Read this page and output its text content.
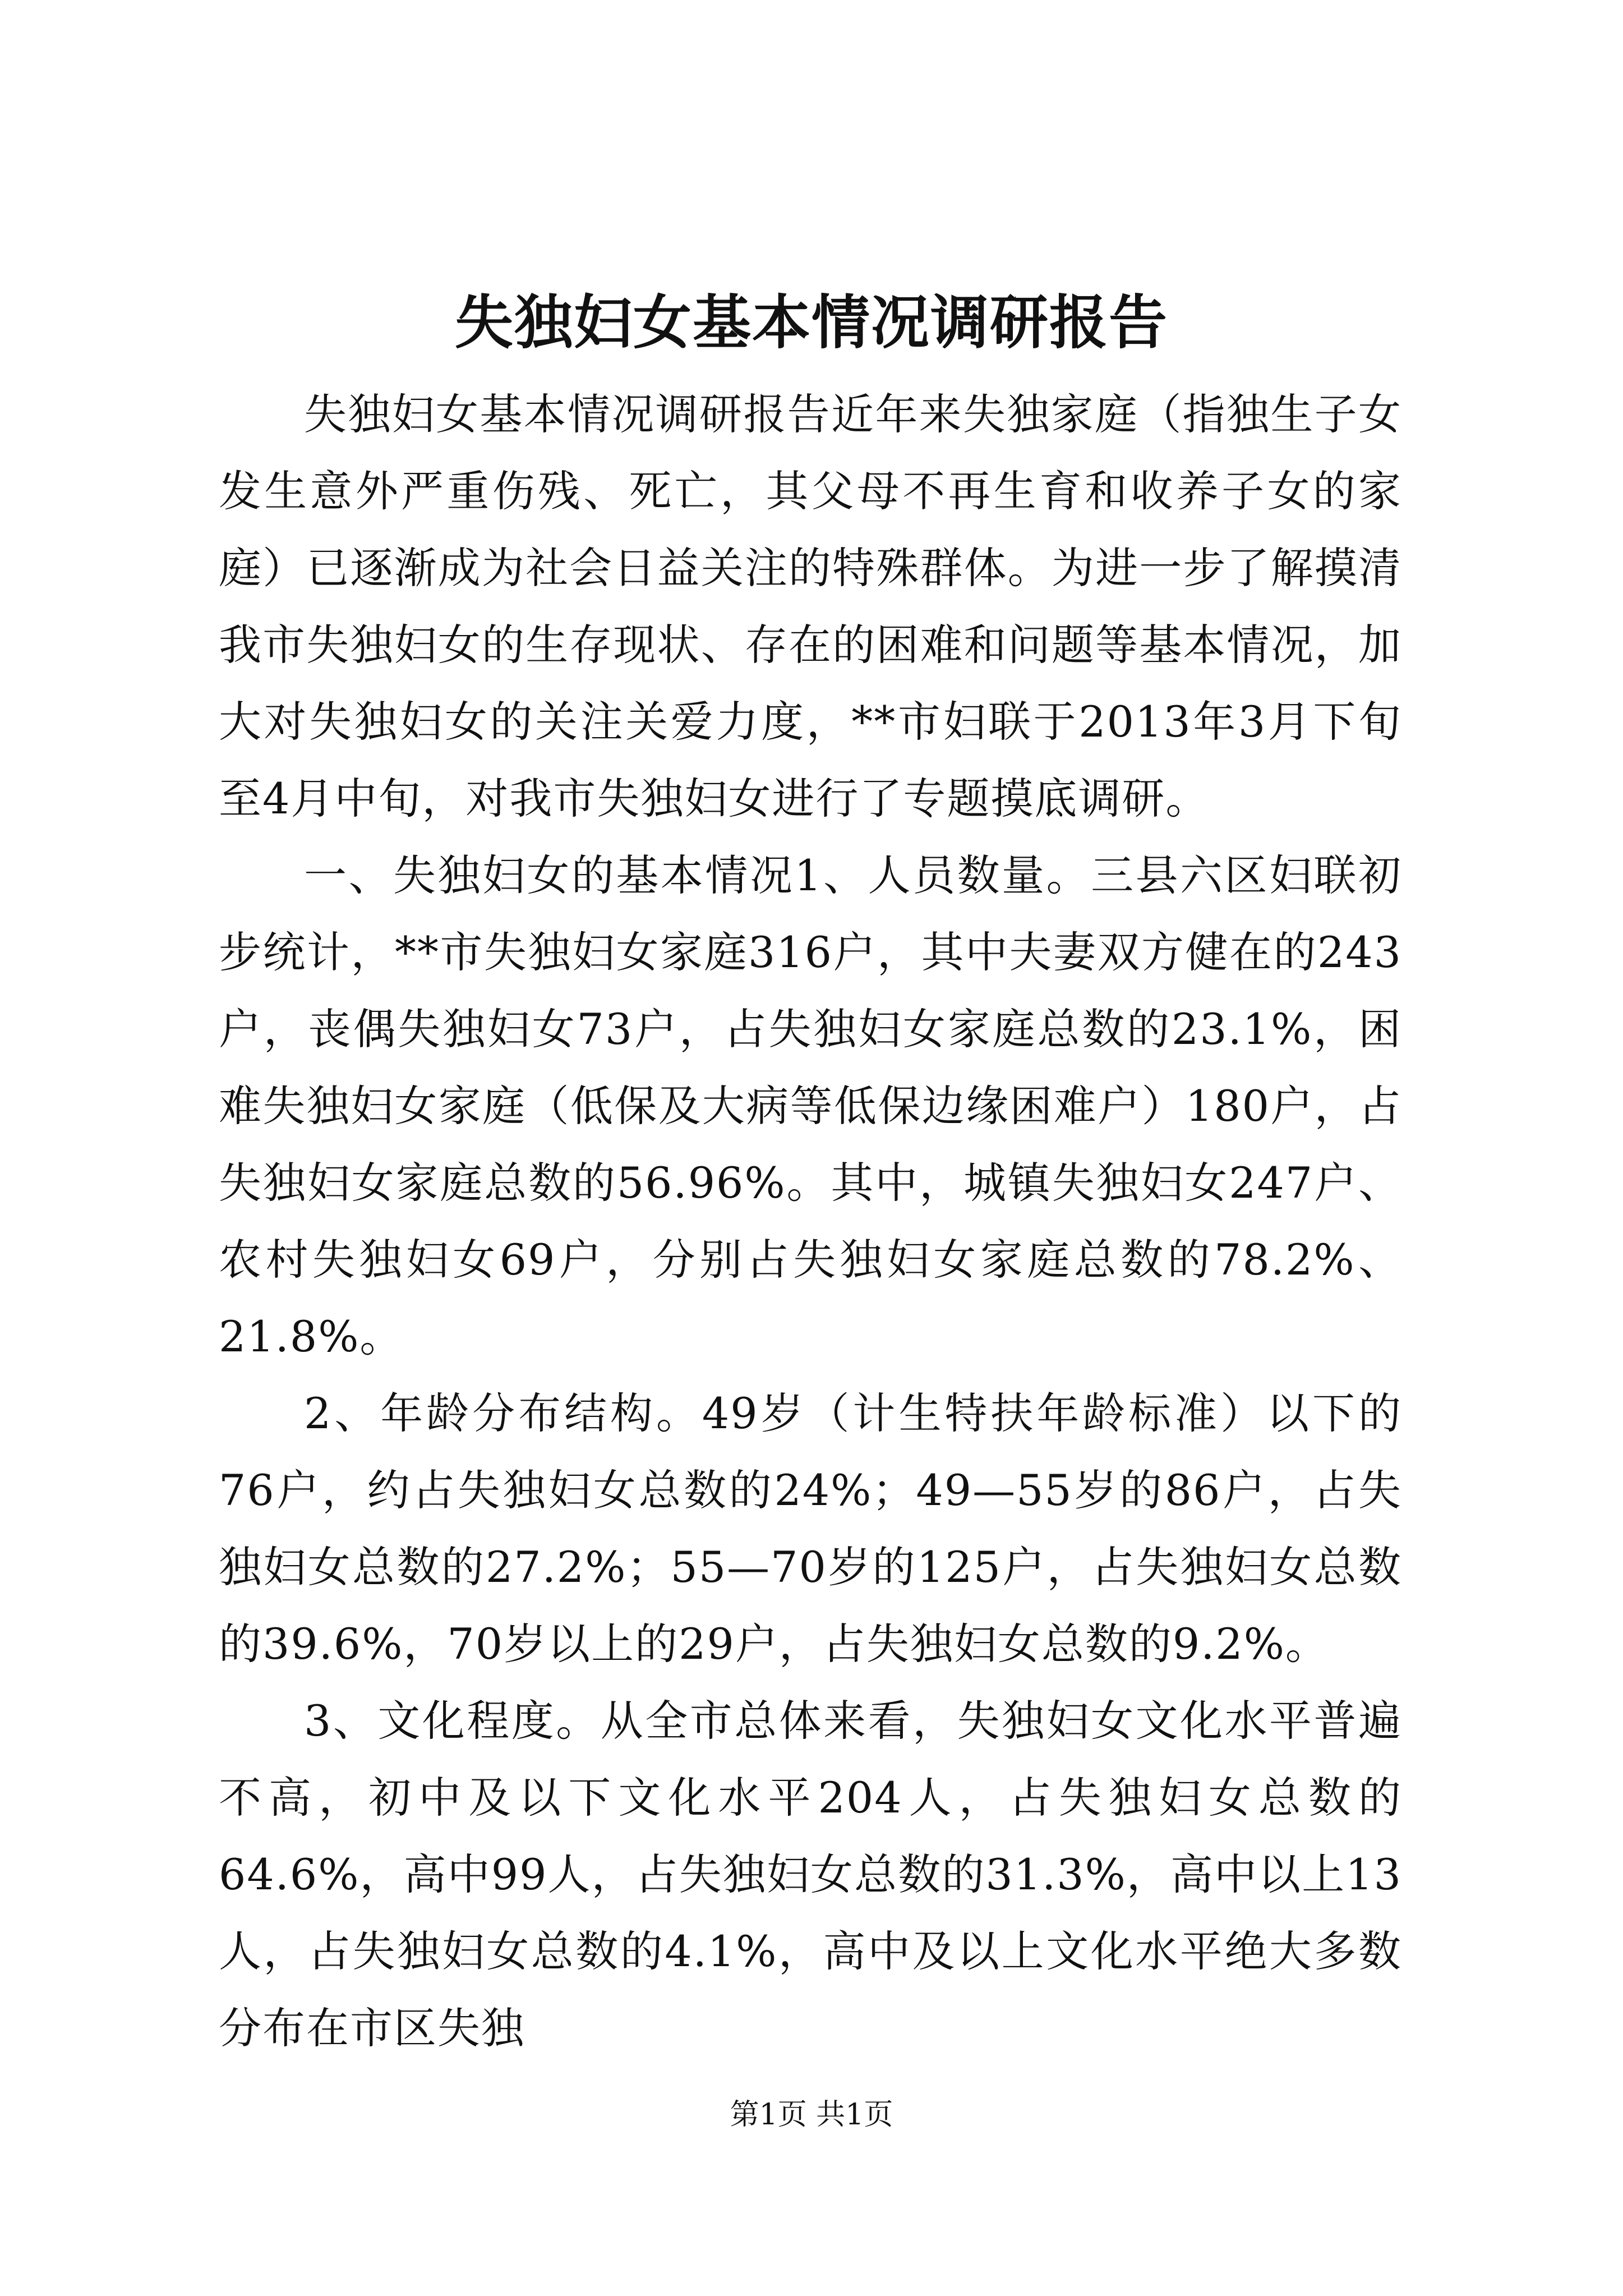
失独妇女基本情况调研报告

失独妇女基本情况调研报告近年来失独家庭（指独生子女发生意外严重伤残、死亡，其父母不再生育和收养子女的家庭）已逐渐成为社会日益关注的特殊群体。为进一步了解摸清我市失独妇女的生存现状、存在的困难和问题等基本情况，加大对失独妇女的关注关爱力度，**市妇联于2013年3月下旬至4月中旬，对我市失独妇女进行了专题摸底调研。

一、失独妇女的基本情况1、人员数量。三县六区妇联初步统计，**市失独妇女家庭316户，其中夫妻双方健在的243户，丧偶失独妇女73户，占失独妇女家庭总数的23.1%，困难失独妇女家庭（低保及大病等低保边缘困难户）180户，占失独妇女家庭总数的56.96%。其中，城镇失独妇女247户、农村失独妇女69户，分别占失独妇女家庭总数的78.2%、21.8%。

2、年龄分布结构。49岁（计生特扶年龄标准）以下的76户，约占失独妇女总数的24%；49—55岁的86户，占失独妇女总数的27.2%；55—70岁的125户，占失独妇女总数的39.6%，70岁以上的29户，占失独妇女总数的9.2%。

3、文化程度。从全市总体来看，失独妇女文化水平普遍不高，初中及以下文化水平204人，占失独妇女总数的64.6%，高中99人，占失独妇女总数的31.3%，高中以上13人，占失独妇女总数的4.1%，高中及以上文化水平绝大多数分布在市区失独

第1页 共1页
